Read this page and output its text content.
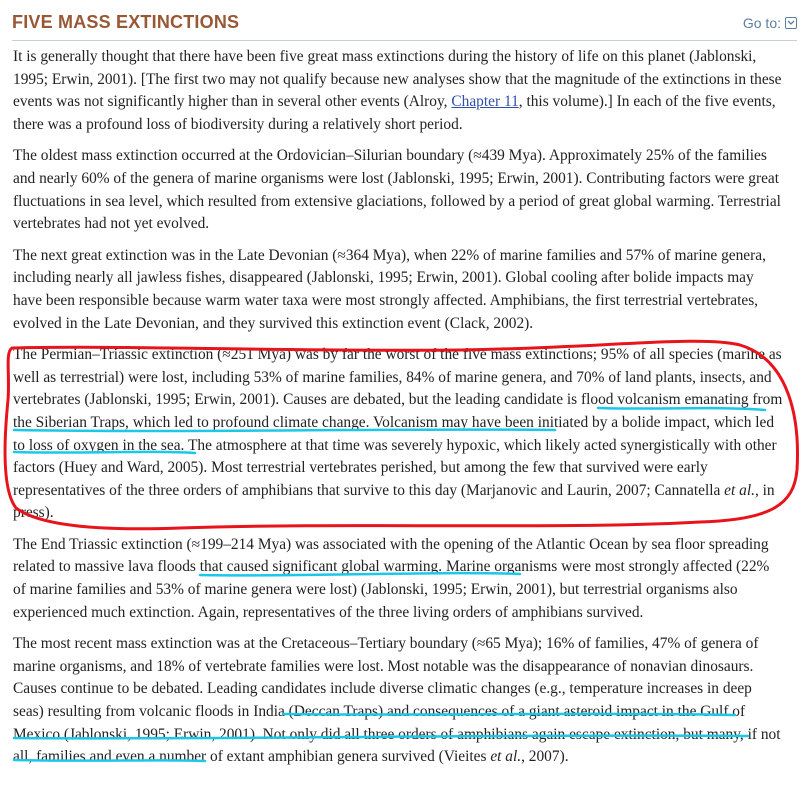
FIVE MASS EXTINCTIONS	Go to:

It is generally thought that there have been five great mass extinctions during the history of life on this planet (Jablonski, 1995; Erwin, 2001). [The first two may not qualify because new analyses show that the magnitude of the extinctions in these events was not significantly higher than in several other events (Alroy, Chapter 11, this volume).] In each of the five events, there was a profound loss of biodiversity during a relatively short period.

The oldest mass extinction occurred at the Ordovician–Silurian boundary (≈439 Mya). Approximately 25% of the families and nearly 60% of the genera of marine organisms were lost (Jablonski, 1995; Erwin, 2001). Contributing factors were great fluctuations in sea level, which resulted from extensive glaciations, followed by a period of great global warming. Terrestrial vertebrates had not yet evolved.

The next great extinction was in the Late Devonian (≈364 Mya), when 22% of marine families and 57% of marine genera, including nearly all jawless fishes, disappeared (Jablonski, 1995; Erwin, 2001). Global cooling after bolide impacts may have been responsible because warm water taxa were most strongly affected. Amphibians, the first terrestrial vertebrates, evolved in the Late Devonian, and they survived this extinction event (Clack, 2002).

The Permian–Triassic extinction (≈251 Mya) was by far the worst of the five mass extinctions; 95% of all species (marine as well as terrestrial) were lost, including 53% of marine families, 84% of marine genera, and 70% of land plants, insects, and vertebrates (Jablonski, 1995; Erwin, 2001). Causes are debated, but the leading candidate is flood volcanism emanating from the Siberian Traps, which led to profound climate change. Volcanism may have been initiated by a bolide impact, which led to loss of oxygen in the sea. The atmosphere at that time was severely hypoxic, which likely acted synergistically with other factors (Huey and Ward, 2005). Most terrestrial vertebrates perished, but among the few that survived were early representatives of the three orders of amphibians that survive to this day (Marjanovic and Laurin, 2007; Cannatella et al., in press).

The End Triassic extinction (≈199–214 Mya) was associated with the opening of the Atlantic Ocean by sea floor spreading related to massive lava floods that caused significant global warming. Marine organisms were most strongly affected (22% of marine families and 53% of marine genera were lost) (Jablonski, 1995; Erwin, 2001), but terrestrial organisms also experienced much extinction. Again, representatives of the three living orders of amphibians survived.

The most recent mass extinction was at the Cretaceous–Tertiary boundary (≈65 Mya); 16% of families, 47% of genera of marine organisms, and 18% of vertebrate families were lost. Most notable was the disappearance of nonavian dinosaurs. Causes continue to be debated. Leading candidates include diverse climatic changes (e.g., temperature increases in deep seas) resulting from volcanic floods in India (Deccan Traps) and consequences of a giant asteroid impact in the Gulf of Mexico (Jablonski, 1995; Erwin, 2001). Not only did all three orders of amphibians again escape extinction, but many, if not all, families and even a number of extant amphibian genera survived (Vieites et al., 2007).
